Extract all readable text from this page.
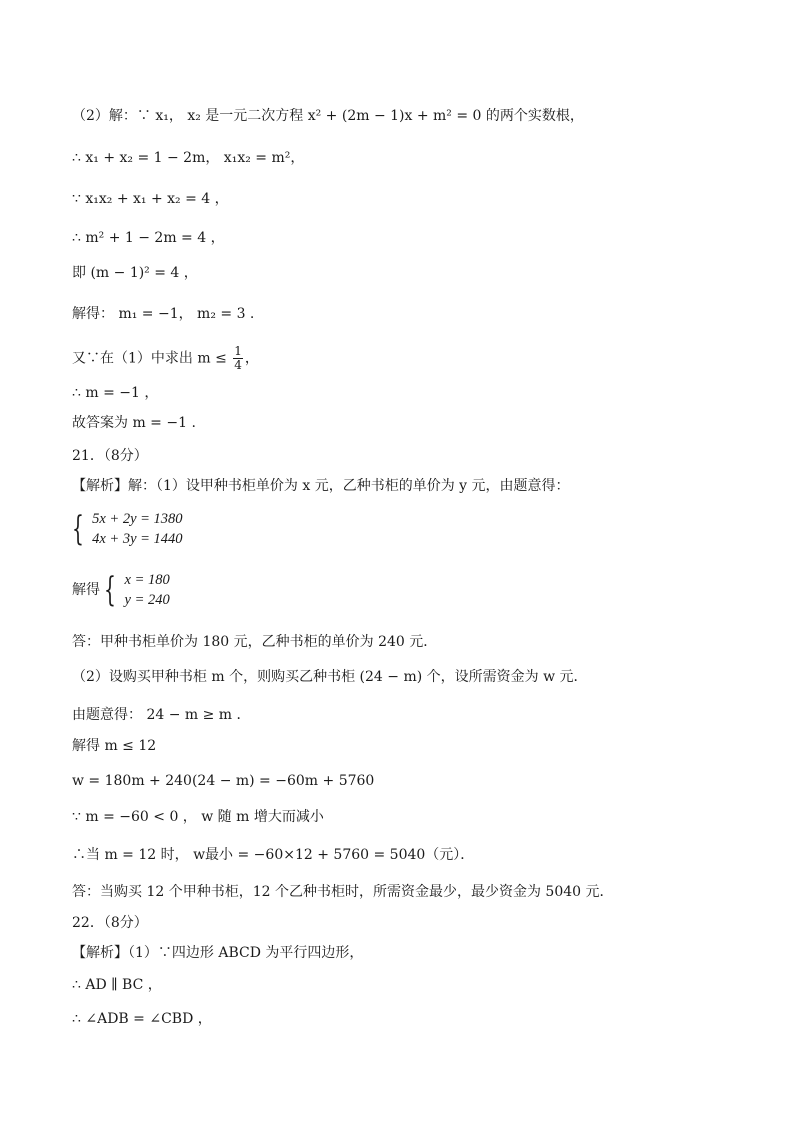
（2）解：∵ x₁， x₂ 是一元二次方程 x² + (2m − 1)x + m² = 0 的两个实数根，
∴ x₁ + x₂ = 1 − 2m， x₁x₂ = m²，
∵ x₁x₂ + x₁ + x₂ = 4 ，
∴ m² + 1 − 2m = 4 ，
即 (m − 1)² = 4 ，
解得： m₁ = −1， m₂ = 3 .
又∵在（1）中求出 $m \le \frac{1}{4}$ ，
∴ m = −1 ，
故答案为 m = −1 .
21．（8分）
【解析】解：（1）设甲种书柜单价为 x 元，乙种书柜的单价为 y 元，由题意得：
{ 5x + 2y = 1380
4x + 3y = 1440
解得 { x = 180
y = 240
答：甲种书柜单价为 180 元，乙种书柜的单价为 240 元．
（2）设购买甲种书柜 m 个，则购买乙种书柜 (24 − m) 个，设所需资金为 w 元．
由题意得： 24 − m ≥ m ．
解得 m ≤ 12
w = 180m + 240(24 − m) = −60m + 5760
∵ m = −60 < 0 ， w 随 m 增大而减小
∴当 m = 12 时， w最小 = −60×12 + 5760 = 5040（元）．
答：当购买 12 个甲种书柜，12 个乙种书柜时，所需资金最少，最少资金为 5040 元．
22．（8分）
【解析】（1）∵四边形 ABCD 为平行四边形，
∴ AD ∥ BC ，
∴ ∠ADB = ∠CBD ，
